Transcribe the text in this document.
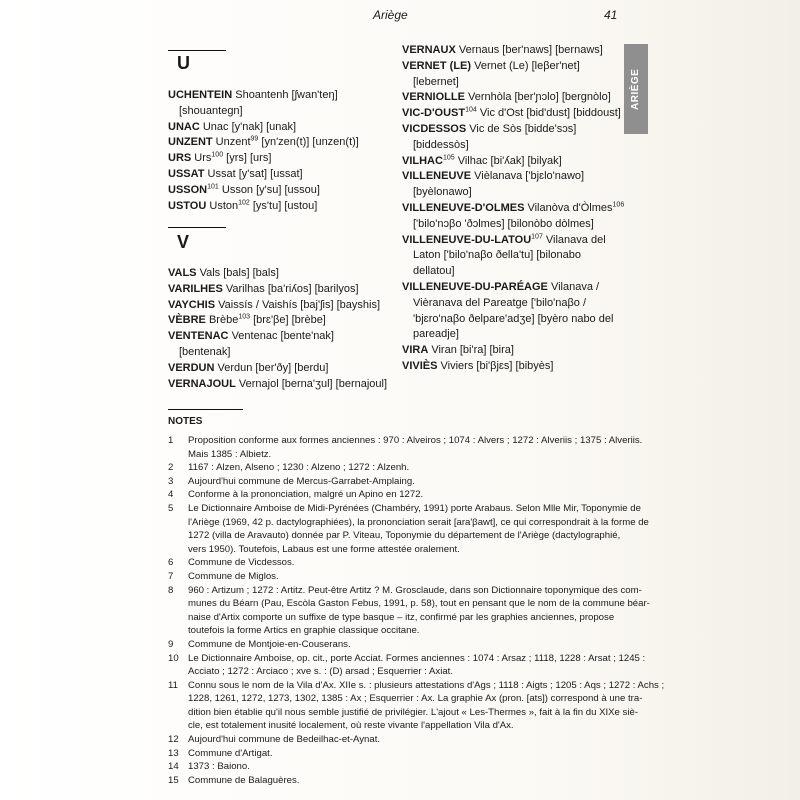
Ariège	41
ARIÈGE
U
UCHENTEIN Shoantenh [ʃwan'teŋ]
[shouantegn]
UNAC Unac [y'nak] [unak]
UNZENT Unzent$^{99}$ [yn'zen(t)] [unzen(t)]
URS Urs$^{100}$ [yrs] [urs]
USSAT Ussat [y'sat] [ussat]
USSON$^{101}$ Usson [y'su] [ussou]
USTOU Uston$^{102}$ [ys'tu] [ustou]
V
VALS Vals [bals] [bals]
VARILHES Varilhas [ba'riʎos] [barilyos]
VAYCHIS Vaissís / Vaishís [baj'ʃis] [bayshis]
VÈBRE Brèbe$^{103}$ [brɛ'βe] [brèbe]
VENTENAC Ventenac [bente'nak]
[bentenak]
VERDUN Verdun [ber'ðy] [berdu]
VERNAJOUL Vernajol [berna'ʒul] [bernajoul]
VERNAUX Vernaus [ber'naws] [bernaws]
VERNET (LE) Vernet (Le) [leβer'net]
[lebernet]
VERNIOLLE Vernhòla [ber'ɲɔlo] [bergnòlo]
VIC-D'OUST$^{104}$ Vic d'Ost [bid'dust] [biddoust]
VICDESSOS Vic de Sòs [bidde'sɔs]
[biddessòs]
VILHAC$^{105}$ Vilhac [bi'ʎak] [bilyak]
VILLENEUVE Vièlanava ['bjɛlo'nawo]
[byèlonawo]
VILLENEUVE-D'OLMES Vilanòva d'Òlmes$^{106}$
['bilo'nɔβo 'ðɔlmes] [bilonòbo dòlmes]
VILLENEUVE-DU-LATOU$^{107}$ Vilanava del
Laton ['bilo'naβo ðella'tu] [bilonabo
dellatou]
VILLENEUVE-DU-PARÉAGE Vilanava /
Vièranava del Pareatge ['bilo'naβo /
'bjɛro'naβo ðelpare'adʒe] [byèro nabo del
pareadje]
VIRA Viran [bi'ra] [bira]
VIVIÈS Viviers [bi'βjɛs] [bibyès]
NOTES
1	Proposition conforme aux formes anciennes : 970 : Alveiros ; 1074 : Alvers ; 1272 : Alveriis ; 1375 : Alveriis.
Mais 1385 : Albietz.
2	1167 : Alzen, Alseno ; 1230 : Alzeno ; 1272 : Alzenh.
3	Aujourd'hui commune de Mercus-Garrabet-Amplaing.
4	Conforme à la prononciation, malgré un Apino en 1272.
5	Le Dictionnaire Amboise de Midi-Pyrénées (Chambéry, 1991) porte Arabaus. Selon Mlle Mir, Toponymie de
l'Ariège (1969, 42 p. dactylographiées), la prononciation serait [ara'βawt], ce qui correspondrait à la forme de
1272 (villa de Aravauto) donnée par P. Viteau, Toponymie du département de l'Ariège (dactylographié,
vers 1950). Toutefois, Labaus est une forme attestée oralement.
6	Commune de Vicdessos.
7	Commune de Miglos.
8	960 : Artizum ; 1272 : Artitz. Peut-être Artitz ? M. Grosclaude, dans son Dictionnaire toponymique des com-
munes du Béarn (Pau, Escòla Gaston Febus, 1991, p. 58), tout en pensant que le nom de la commune béar-
naise d'Artix comporte un suffixe de type basque – itz, confirmé par les graphies anciennes, propose
toutefois la forme Artics en graphie classique occitane.
9	Commune de Montjoie-en-Couserans.
10 Le Dictionnaire Amboise, op. cit., porte Acciat. Formes anciennes : 1074 : Arsaz ; 1118, 1228 : Arsat ; 1245 :
Acciato ; 1272 : Arciaco ; xve s. : (D) arsad ; Esquerrier : Axiat.
11	Connu sous le nom de la Vila d'Ax. XIIe s. : plusieurs attestations d'Ags ; 1118 : Aigts ; 1205 : Aqs ; 1272 : Achs ;
1228, 1261, 1272, 1273, 1302, 1385 : Ax ; Esquerrier : Ax. La graphie Ax (pron. [ats]) correspond à une tra-
dition bien établie qu'il nous semble justifié de privilégier. L'ajout « Les-Thermes », fait à la fin du XIXe siè-
cle, est totalement inusité localement, où reste vivante l'appellation Vila d'Ax.
12 Aujourd'hui commune de Bedeilhac-et-Aynat.
13 Commune d'Artigat.
14 1373 : Baiono.
15 Commune de Balaguères.
